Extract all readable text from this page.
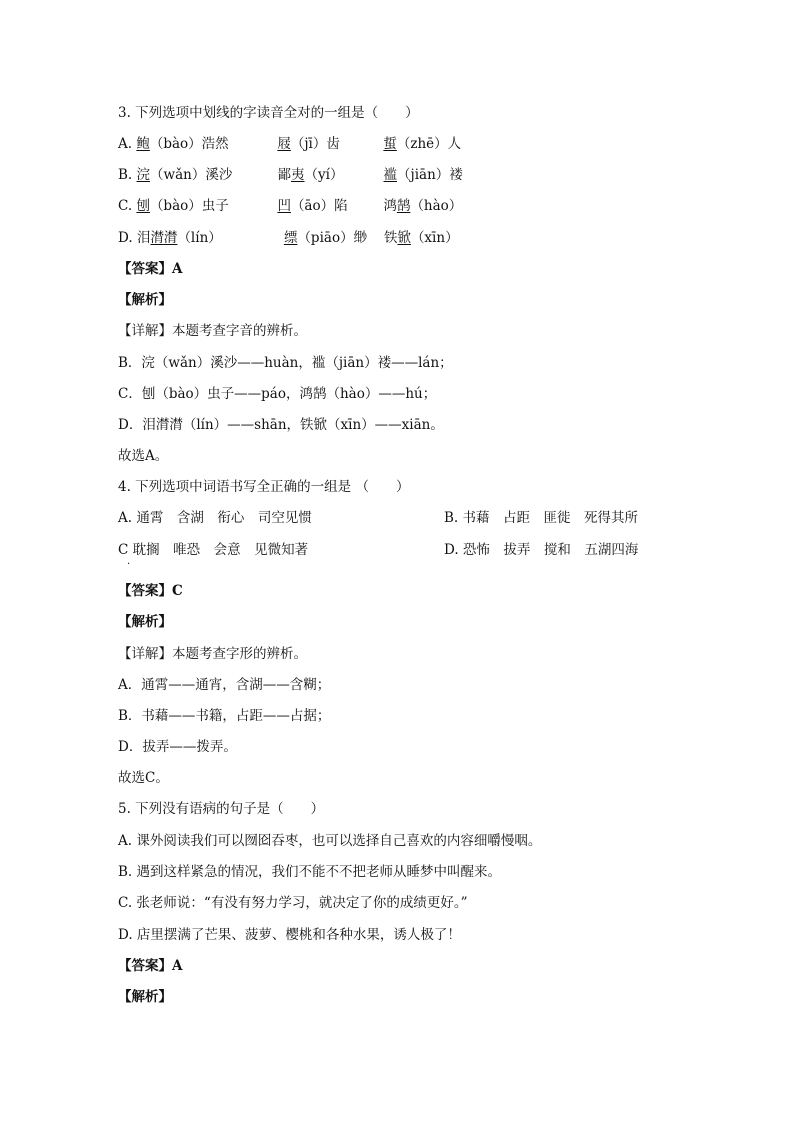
3. 下列选项中划线的字读音全对的一组是（　　）
A. 鲍（bào）浩然	屐（jī）齿	蜇（zhē）人
B. 浣（wǎn）溪沙	鄙夷（yí）	褴（jiān）褛
C. 刨（bào）虫子	凹（āo）陷	鸿鹄（hào）
D. 泪潸潸（lín）	缥（piāo）缈 铁锨（xīn）
【答案】A
【解析】
【详解】本题考查字音的辨析。
B．浣（wǎn）溪沙——huàn，褴（jiān）褛——lán；
C．刨（bào）虫子——páo，鸿鹄（hào）——hú；
D．泪潸潸（lín）——shān，铁锨（xīn）——xiān。
故选A。
4. 下列选项中词语书写全正确的一组是 （　　）
A. 通霄　含湖　衔心　司空见惯	B. 书藉　占距　匪徙　死得其所
C 耽搁　唯恐　会意　见微知著	D. 恐怖　拔弄　搅和　五湖四海
·
【答案】C
【解析】
【详解】本题考查字形的辨析。
A．通霄——通宵，含湖——含糊；
B．书藉——书籍，占距——占据；
D．拔弄——拨弄。
故选C。
5. 下列没有语病的句子是（　　）
A. 课外阅读我们可以囫囵吞枣，也可以选择自己喜欢的内容细嚼慢咽。
B. 遇到这样紧急的情况，我们不能不不把老师从睡梦中叫醒来。
C. 张老师说：“有没有努力学习，就决定了你的成绩更好。”
D. 店里摆满了芒果、菠萝、樱桃和各种水果，诱人极了！
【答案】A
【解析】
